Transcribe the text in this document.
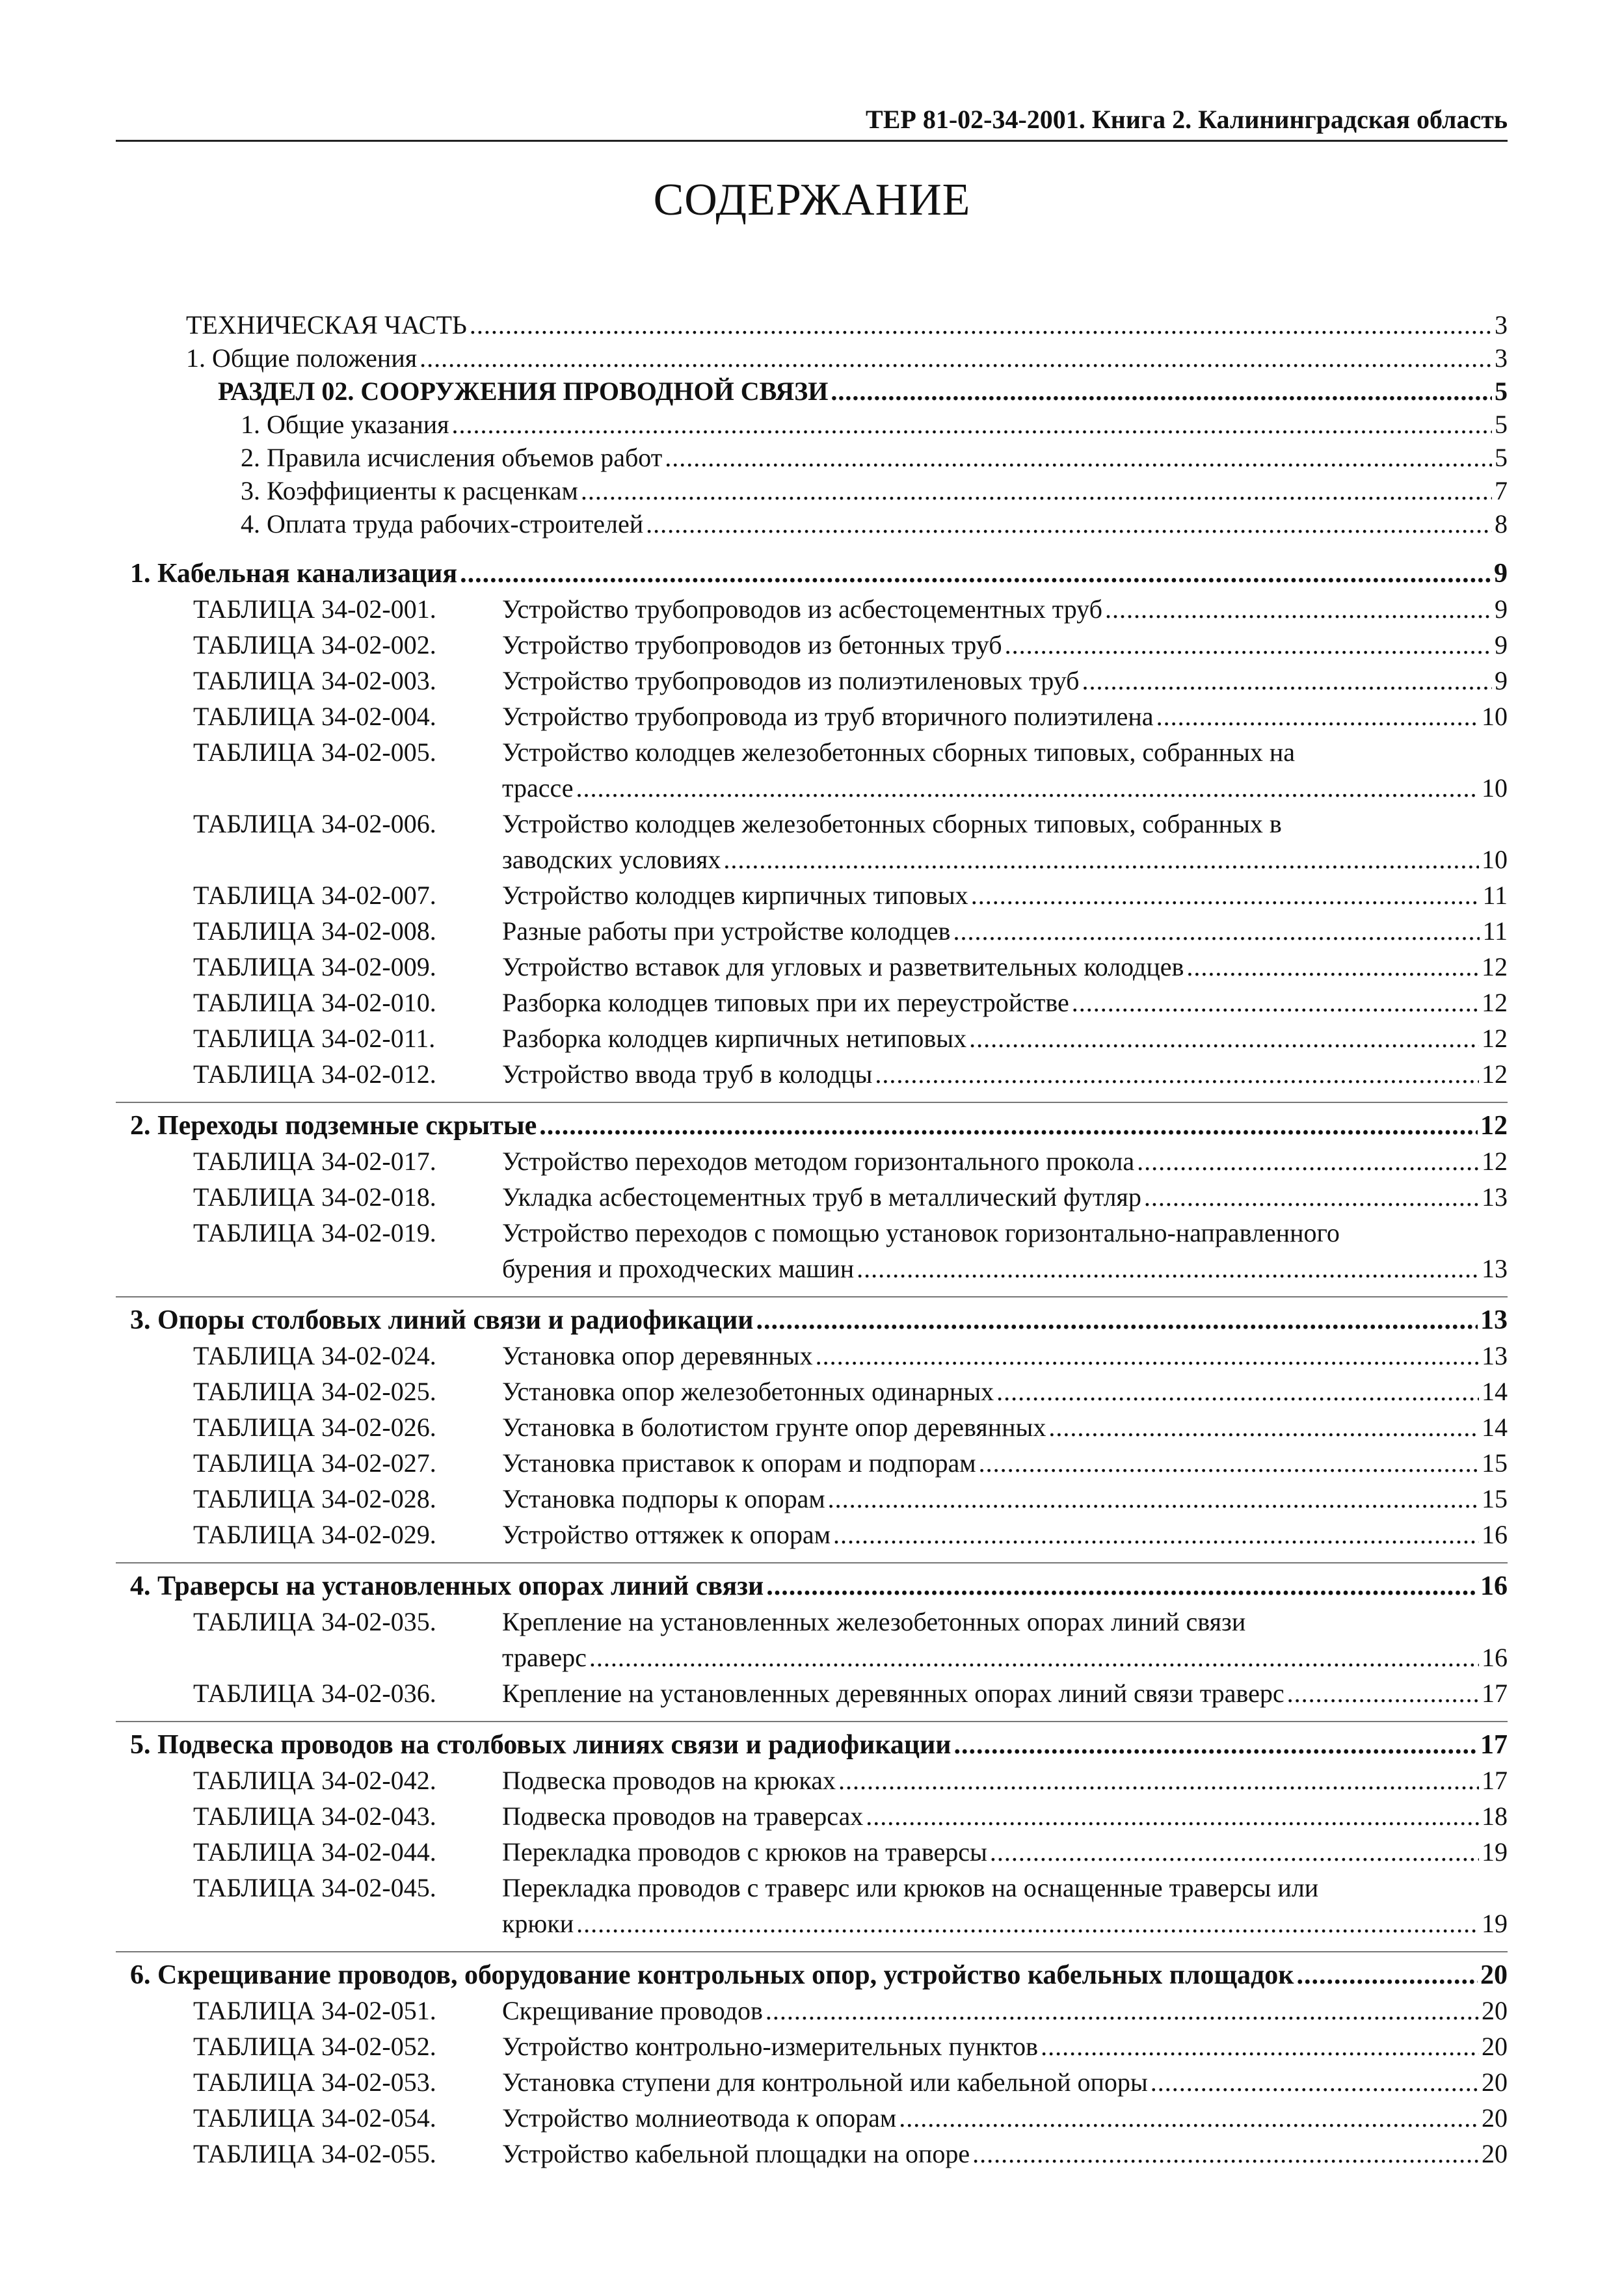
ТЕР 81-02-34-2001. Книга 2. Калининградская область
СОДЕРЖАНИЕ
ТЕХНИЧЕСКАЯ ЧАСТЬ .....	3
1. Общие положения .....	3
РАЗДЕЛ 02. СООРУЖЕНИЯ ПРОВОДНОЙ СВЯЗИ .....	5
1. Общие указания .....	5
2. Правила исчисления объемов работ .....	5
3. Коэффициенты к расценкам .....	7
4. Оплата труда рабочих-строителей .....	8
1. Кабельная канализация .....	9
ТАБЛИЦА 34-02-001.	Устройство трубопроводов из асбестоцементных труб .....	9
ТАБЛИЦА 34-02-002.	Устройство трубопроводов из бетонных труб .....	9
ТАБЛИЦА 34-02-003.	Устройство трубопроводов из полиэтиленовых труб .....	9
ТАБЛИЦА 34-02-004.	Устройство трубопровода из труб вторичного полиэтилена .....	10
ТАБЛИЦА 34-02-005.	Устройство колодцев железобетонных сборных типовых, собранных на
трассе .....	10
ТАБЛИЦА 34-02-006.	Устройство колодцев железобетонных сборных типовых, собранных в
заводских условиях .....	10
ТАБЛИЦА 34-02-007.	Устройство колодцев кирпичных типовых .....	11
ТАБЛИЦА 34-02-008.	Разные работы при устройстве колодцев .....	11
ТАБЛИЦА 34-02-009.	Устройство вставок для угловых и разветвительных колодцев .....	12
ТАБЛИЦА 34-02-010.	Разборка колодцев типовых при их переустройстве .....	12
ТАБЛИЦА 34-02-011.	Разборка колодцев кирпичных нетиповых .....	12
ТАБЛИЦА 34-02-012.	Устройство ввода труб в колодцы .....	12
2. Переходы подземные скрытые .....	12
ТАБЛИЦА 34-02-017.	Устройство переходов методом горизонтального прокола .....	12
ТАБЛИЦА 34-02-018.	Укладка асбестоцементных труб в металлический футляр .....	13
ТАБЛИЦА 34-02-019.	Устройство переходов с помощью установок горизонтально-направленного
бурения и проходческих машин .....	13
3. Опоры столбовых линий связи и радиофикации .....	13
ТАБЛИЦА 34-02-024.	Установка опор деревянных .....	13
ТАБЛИЦА 34-02-025.	Установка опор железобетонных одинарных .....	14
ТАБЛИЦА 34-02-026.	Установка в болотистом грунте опор деревянных .....	14
ТАБЛИЦА 34-02-027.	Установка приставок к опорам и подпорам .....	15
ТАБЛИЦА 34-02-028.	Установка подпоры к опорам .....	15
ТАБЛИЦА 34-02-029.	Устройство оттяжек к опорам .....	16
4. Траверсы на установленных опорах линий связи .....	16
ТАБЛИЦА 34-02-035.	Крепление на установленных железобетонных опорах линий связи
траверс .....	16
ТАБЛИЦА 34-02-036.	Крепление на установленных деревянных опорах линий связи траверс .....	17
5. Подвеска проводов на столбовых линиях связи и радиофикации .....	17
ТАБЛИЦА 34-02-042.	Подвеска проводов на крюках .....	17
ТАБЛИЦА 34-02-043.	Подвеска проводов на траверсах .....	18
ТАБЛИЦА 34-02-044.	Перекладка проводов с крюков на траверсы .....	19
ТАБЛИЦА 34-02-045.	Перекладка проводов с траверс или крюков на оснащенные траверсы или
крюки .....	19
6. Скрещивание проводов, оборудование контрольных опор, устройство кабельных площадок .....	20
ТАБЛИЦА 34-02-051.	Скрещивание проводов .....	20
ТАБЛИЦА 34-02-052.	Устройство контрольно-измерительных пунктов .....	20
ТАБЛИЦА 34-02-053.	Установка ступени для контрольной или кабельной опоры .....	20
ТАБЛИЦА 34-02-054.	Устройство молниеотвода к опорам .....	20
ТАБЛИЦА 34-02-055.	Устройство кабельной площадки на опоре .....	20
